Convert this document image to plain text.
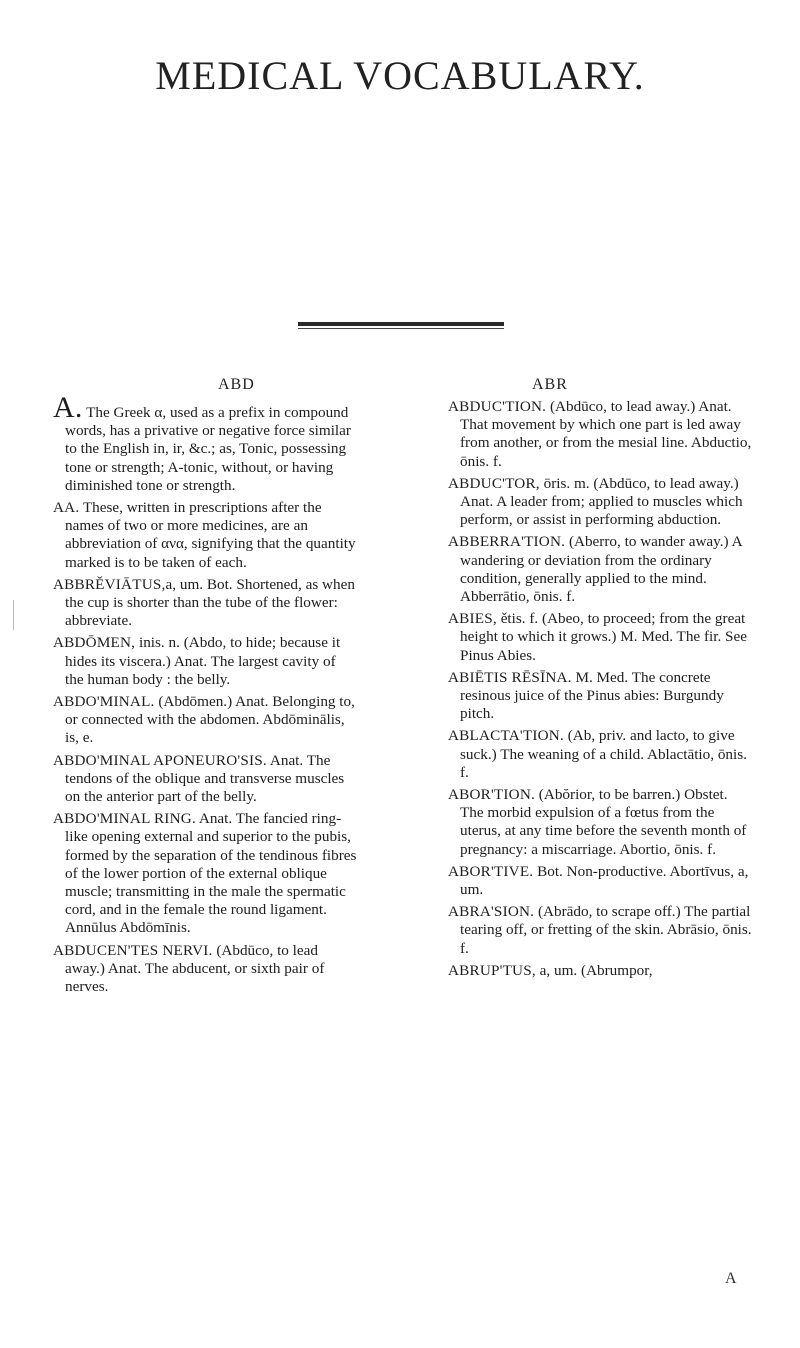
MEDICAL VOCABULARY.
ABD	ABR

A. The Greek α, used as a prefix in compound words, has a privative or negative force similar to the English in, ir, &c.; as, Tonic, possessing tone or strength; A-tonic, without, or having diminished tone or strength.

AA. These, written in prescriptions after the names of two or more medicines, are an abbreviation of ανα, signifying that the quantity marked is to be taken of each.

ABBRĚVIĀTUS,a, um. Bot. Shortened, as when the cup is shorter than the tube of the flower: abbreviate.

ABDŌMEN, inis. n. (Abdo, to hide; because it hides its viscera.) Anat. The largest cavity of the human body : the belly.

ABDO'MINAL. (Abdōmen.) Anat. Belonging to, or connected with the abdomen. Abdōminālis, is, e.

ABDO'MINAL APONEURO'SIS. Anat. The tendons of the oblique and transverse muscles on the anterior part of the belly.

ABDO'MINAL RING. Anat. The fancied ring-like opening external and superior to the pubis, formed by the separation of the tendinous fibres of the lower portion of the external oblique muscle; transmitting in the male the spermatic cord, and in the female the round ligament. Annūlus Abdōmīnis.

ABDUCEN'TES NERVI. (Abdūco, to lead away.) Anat. The abducent, or sixth pair of nerves.

ABDUC'TION. (Abdūco, to lead away.) Anat. That movement by which one part is led away from another, or from the mesial line. Abductio, ōnis. f.

ABDUC'TOR, ōris. m. (Abdūco, to lead away.) Anat. A leader from; applied to muscles which perform, or assist in performing abduction.

ABBERRA'TION. (Aberro, to wander away.) A wandering or deviation from the ordinary condition, generally applied to the mind. Abberrātio, ōnis. f.

ABIES, ětis. f. (Abeo, to proceed; from the great height to which it grows.) M. Med. The fir. See Pinus Abies.

ABIĒTIS RĒSĪNA. M. Med. The concrete resinous juice of the Pinus abies: Burgundy pitch.

ABLACTA'TION. (Ab, priv. and lacto, to give suck.) The weaning of a child. Ablactātio, ōnis. f.

ABOR'TION. (Abŏrior, to be barren.) Obstet. The morbid expulsion of a fœtus from the uterus, at any time before the seventh month of pregnancy: a miscarriage. Abortio, ōnis. f.

ABOR'TIVE. Bot. Non-productive. Abortīvus, a, um.

ABRA'SION. (Abrādo, to scrape off.) The partial tearing off, or fretting of the skin. Abrāsio, ōnis. f.

ABRUP'TUS, a, um. (Abrumpor,

A
